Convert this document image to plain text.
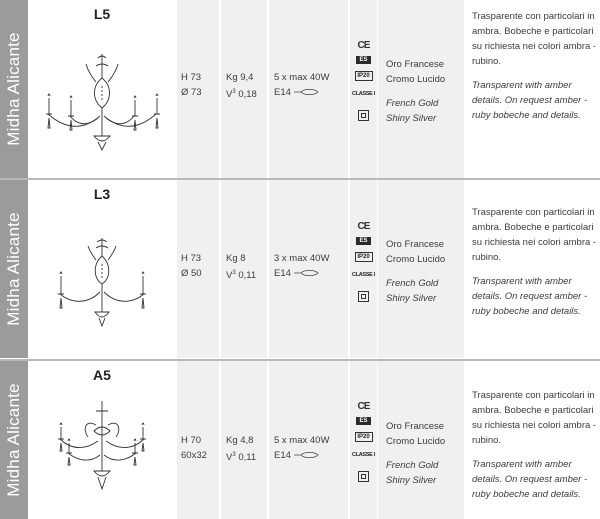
Midha Alicante
L5
H 73
Ø 73
Kg 9,4
$V^3$ 0,18
5 x max 40W
E14
CE
ES
IP20
CLASSE I
Oro Francese
Cromo Lucido
French Gold
Shiny Silver
Trasparente con particolari in ambra. Bobeche e particolari su richiesta nei colori ambra - rubino.
Transparent with amber details. On request amber - ruby bobeche and details.
Midha Alicante
L3
H 73
Ø 50
Kg 8
$V^3$ 0,11
3 x max 40W
E14
CE
ES
IP20
CLASSE I
Oro Francese
Cromo Lucido
French Gold
Shiny Silver
Trasparente con particolari in ambra. Bobeche e particolari su richiesta nei colori ambra - rubino.
Transparent with amber details. On request amber - ruby bobeche and details.
Midha Alicante
A5
H 70
60x32
Kg 4,8
$V^3$ 0,11
5 x max 40W
E14
CE
ES
IP20
CLASSE I
Oro Francese
Cromo Lucido
French Gold
Shiny Silver
Trasparente con particolari in ambra. Bobeche e particolari su richiesta nei colori ambra - rubino.
Transparent with amber details. On request amber - ruby bobeche and details.
